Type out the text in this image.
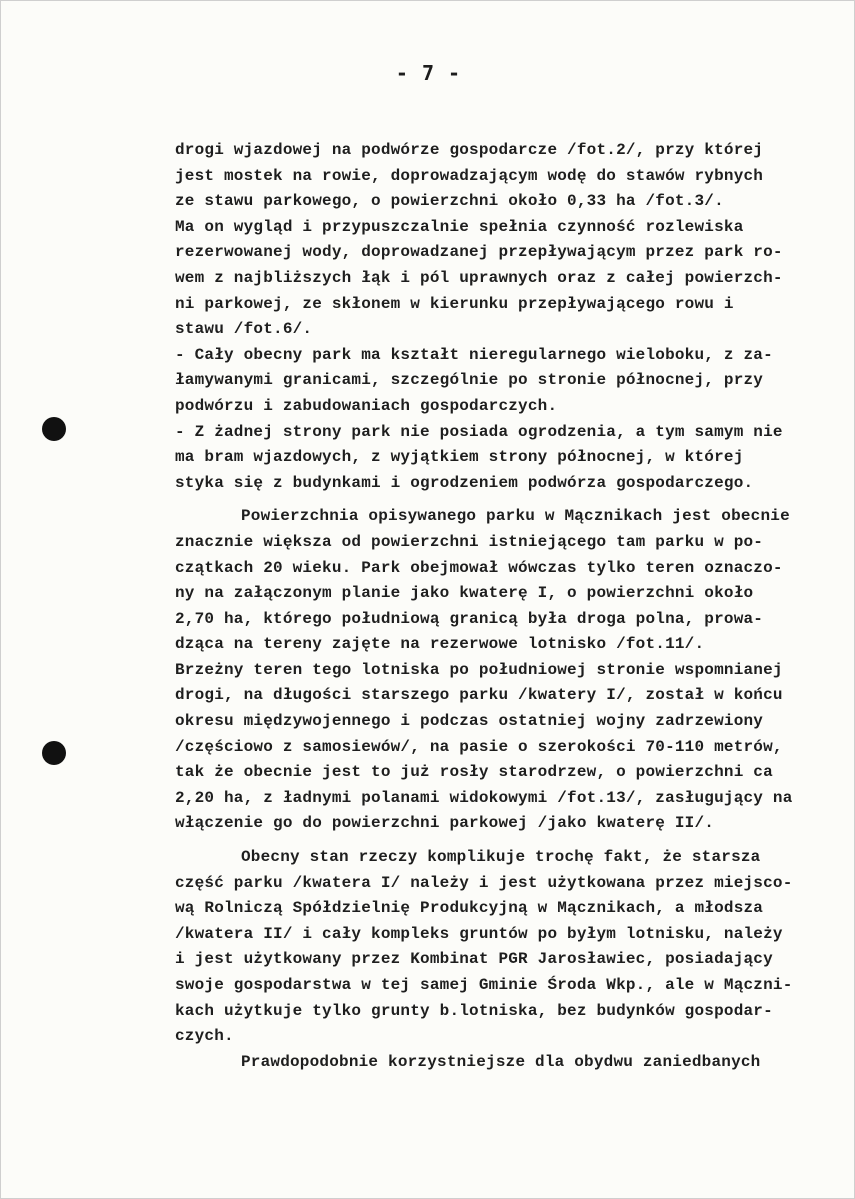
- 7 -
drogi wjazdowej na podwórze gospodarcze /fot.2/, przy której
jest mostek na rowie, doprowadzającym wodę do stawów rybnych
ze stawu parkowego, o powierzchni około 0,33 ha /fot.3/.
Ma on wygląd i przypuszczalnie spełnia czynność rozlewiska
rezerwowanej wody, doprowadzanej przepływającym przez park ro-
wem z najbliższych łąk i pól uprawnych oraz z całej powierzch-
ni parkowej, ze skłonem w kierunku przepływającego rowu i
stawu /fot.6/.
- Cały obecny park ma kształt nieregularnego wieloboku, z za-
łamywanymi granicami, szczególnie po stronie północnej, przy
podwórzu i zabudowaniach gospodarczych.
- Z żadnej strony park nie posiada ogrodzenia, a tym samym nie
ma bram wjazdowych, z wyjątkiem strony północnej, w której
styka się z budynkami i ogrodzeniem podwórza gospodarczego.
Powierzchnia opisywanego parku w Mącznikach jest obecnie
znacznie większa od powierzchni istniejącego tam parku w po-
czątkach 20 wieku. Park obejmował wówczas tylko teren oznaczo-
ny na załączonym planie jako kwaterę I, o powierzchni około
2,70 ha, którego południową granicą była droga polna, prowa-
dząca na tereny zajęte na rezerwowe lotnisko /fot.11/.
Brzeżny teren tego lotniska po południowej stronie wspomnianej
drogi, na długości starszego parku /kwatery I/, został w końcu
okresu międzywojennego i podczas ostatniej wojny zadrzewiony
/częściowo z samosiewów/, na pasie o szerokości 70-110 metrów,
tak że obecnie jest to już rosły starodrzew, o powierzchni ca
2,20 ha, z ładnymi polanami widokowymi /fot.13/, zasługujący na
włączenie go do powierzchni parkowej /jako kwaterę II/.
Obecny stan rzeczy komplikuje trochę fakt, że starsza
część parku /kwatera I/ należy i jest użytkowana przez miejsco-
wą Rolniczą Spółdzielnię Produkcyjną w Mącznikach, a młodsza
/kwatera II/ i cały kompleks gruntów po byłym lotnisku, należy
i jest użytkowany przez Kombinat PGR Jarosławiec, posiadający
swoje gospodarstwa w tej samej Gminie Środa Wkp., ale w Mączni-
kach użytkuje tylko grunty b.lotniska, bez budynków gospodar-
czych.
Prawdopodobnie korzystniejsze dla obydwu zaniedbanych
